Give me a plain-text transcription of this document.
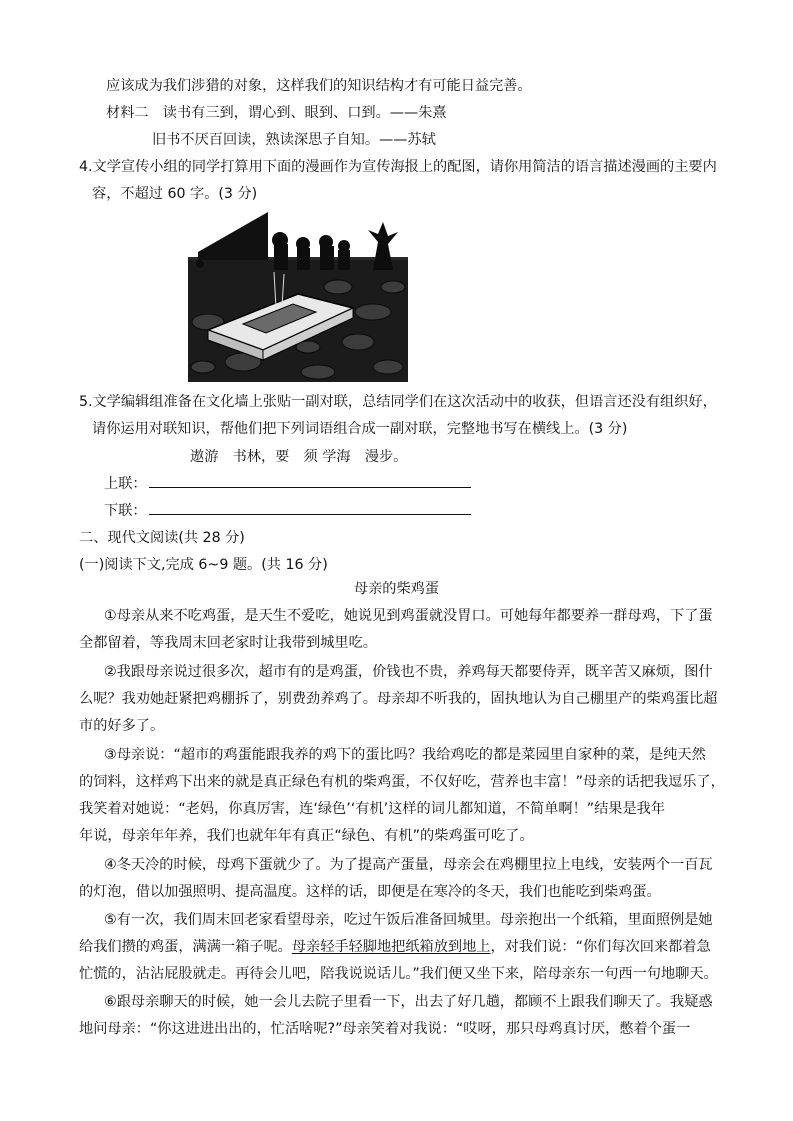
应该成为我们涉猎的对象，这样我们的知识结构才有可能日益完善。
材料二　读书有三到，谓心到、眼到、口到。——朱熹
旧书不厌百回读，熟读深思子自知。——苏轼
4.文学宣传小组的同学打算用下面的漫画作为宣传海报上的配图，请你用简洁的语言描述漫画的主要内
容，不超过 60 字。(3 分)
5.文学编辑组准备在文化墙上张贴一副对联，总结同学们在这次活动中的收获，但语言还没有组织好，
请你运用对联知识，帮他们把下列词语组合成一副对联，完整地书写在横线上。(3 分)
遨游　书林，要　须 学海　漫步。
上联：
下联：
二、现代文阅读(共 28 分)
(一)阅读下文,完成 6~9 题。(共 16 分)
母亲的柴鸡蛋
①母亲从来不吃鸡蛋，是天生不爱吃，她说见到鸡蛋就没胃口。可她每年都要养一群母鸡，下了蛋
全都留着，等我周末回老家时让我带到城里吃。
②我跟母亲说过很多次，超市有的是鸡蛋，价钱也不贵，养鸡每天都要侍弄，既辛苦又麻烦，图什
么呢？我劝她赶紧把鸡棚拆了，别费劲养鸡了。母亲却不听我的，固执地认为自己棚里产的柴鸡蛋比超
市的好多了。
③母亲说：“超市的鸡蛋能跟我养的鸡下的蛋比吗？我给鸡吃的都是菜园里自家种的菜，是纯天然
的饲料，这样鸡下出来的就是真正绿色有机的柴鸡蛋，不仅好吃，营养也丰富！”母亲的话把我逗乐了，
我笑着对她说：“老妈，你真厉害，连‘绿色’‘有机’这样的词儿都知道，不简单啊！”结果是我年
年说，母亲年年养，我们也就年年有真正“绿色、有机”的柴鸡蛋可吃了。
④冬天冷的时候，母鸡下蛋就少了。为了提高产蛋量，母亲会在鸡棚里拉上电线，安装两个一百瓦
的灯泡，借以加强照明、提高温度。这样的话，即便是在寒冷的冬天，我们也能吃到柴鸡蛋。
⑤有一次，我们周末回老家看望母亲，吃过午饭后准备回城里。母亲抱出一个纸箱，里面照例是她
给我们攒的鸡蛋，满满一箱子呢。母亲轻手轻脚地把纸箱放到地上，对我们说：“你们每次回来都着急
忙慌的，沾沾屁股就走。再待会儿吧，陪我说说话儿。”我们便又坐下来，陪母亲东一句西一句地聊天。
⑥跟母亲聊天的时候，她一会儿去院子里看一下，出去了好几趟，都顾不上跟我们聊天了。我疑惑
地问母亲：“你这进进出出的，忙活啥呢?”母亲笑着对我说：“哎呀，那只母鸡真讨厌，憋着个蛋一
